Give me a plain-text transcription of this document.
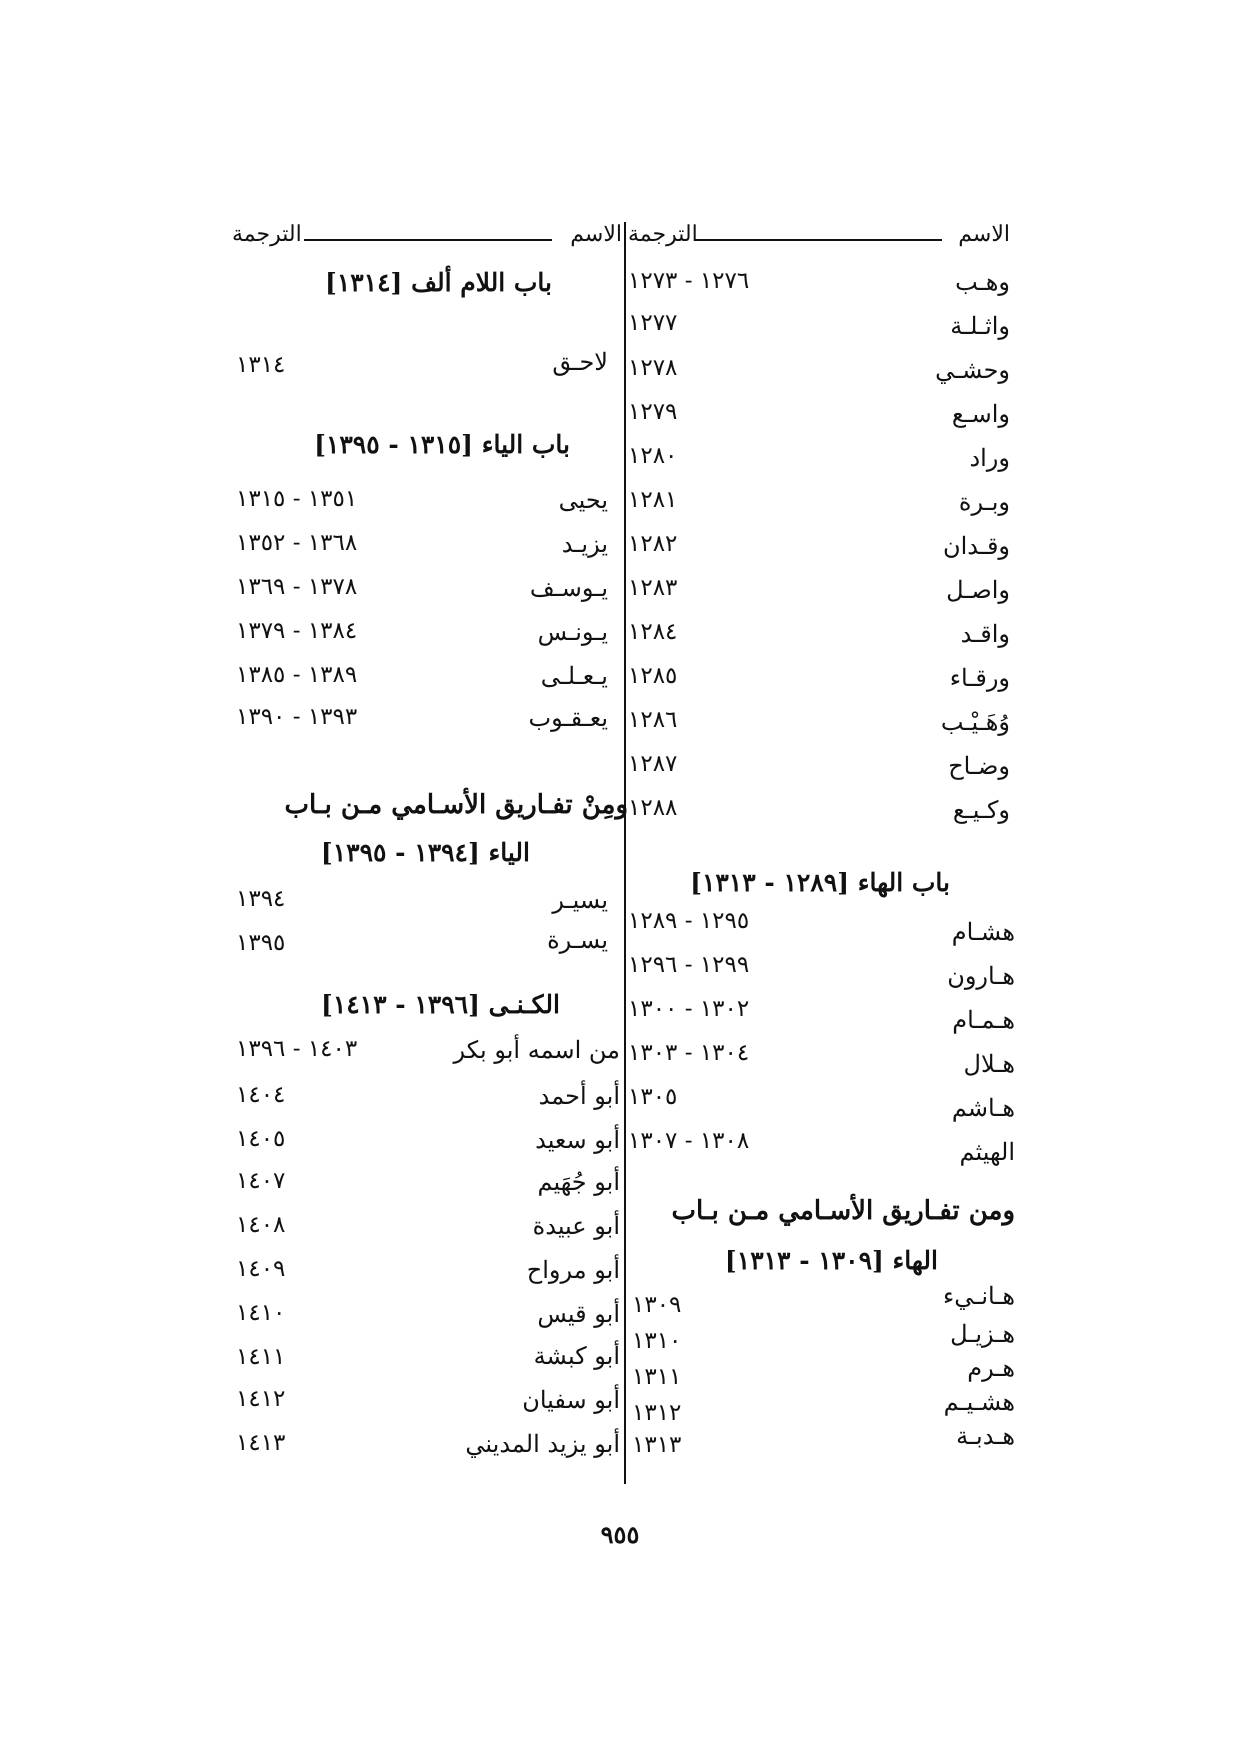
الاسم
الترجمة
الاسم
الترجمة
وهـب
١٢٧٦ - ١٢٧٣
واثـلـة
١٢٧٧
وحشـي
١٢٧٨
واسـع
١٢٧٩
وراد
١٢٨٠
وبـرة
١٢٨١
وقـدان
١٢٨٢
واصـل
١٢٨٣
واقـد
١٢٨٤
ورقـاء
١٢٨٥
وُهَـيْـب
١٢٨٦
وضـاح
١٢٨٧
وكـيـع
١٢٨٨
باب الهاء [١٢٨٩ - ١٣١٣]
هشـام
١٢٩٥ - ١٢٨٩
هـارون
١٢٩٩ - ١٢٩٦
هـمـام
١٣٠٢ - ١٣٠٠
هـلال
١٣٠٤ - ١٣٠٣
هـاشم
١٣٠٥
الهيثم
١٣٠٨ - ١٣٠٧
ومن تفـاريق الأسـامي مـن بـاب
الهاء [١٣٠٩ - ١٣١٣]
هـانـيء
١٣٠٩
هـزيـل
١٣١٠
هـرم
١٣١١
هشـيـم
١٣١٢
هـدبـة
١٣١٣
باب اللام ألف [١٣١٤]
لاحـق
١٣١٤
باب الياء [١٣١٥ - ١٣٩٥]
يحيى
١٣٥١ - ١٣١٥
يزيـد
١٣٦٨ - ١٣٥٢
يـوسـف
١٣٧٨ - ١٣٦٩
يـونـس
١٣٨٤ - ١٣٧٩
يـعـلـى
١٣٨٩ - ١٣٨٥
يعـقـوب
١٣٩٣ - ١٣٩٠
ومِنْ تفـاريق الأسـامي مـن بـاب
الياء [١٣٩٤ - ١٣٩٥]
يسيـر
١٣٩٤
يسـرة
١٣٩٥
الكـنـى [١٣٩٦ - ١٤١٣]
من اسمه أبو بكر
١٤٠٣ - ١٣٩٦
أبو أحمد
١٤٠٤
أبو سعيد
١٤٠٥
أبو جُهَيم
١٤٠٧
أبو عبيدة
١٤٠٨
أبو مرواح
١٤٠٩
أبو قيس
١٤١٠
أبو كبشة
١٤١١
أبو سفيان
١٤١٢
أبو يزيد المديني
١٤١٣
٩٥٥
